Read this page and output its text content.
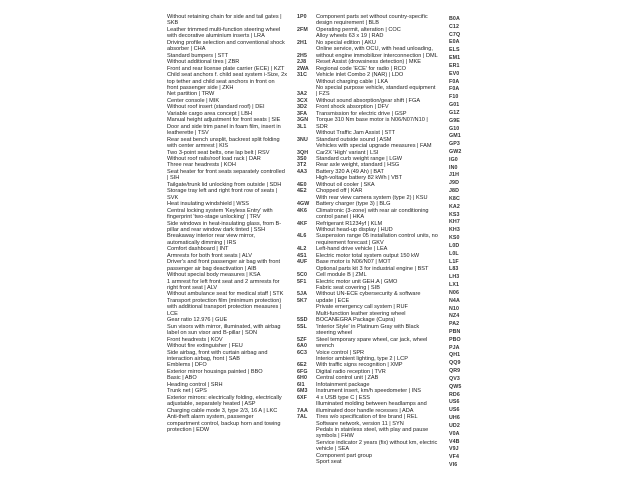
Without retaining chain for side and tail gates | SKB
Leather trimmed multi-function steering wheel with decorative aluminium inserts | LRA
Driving profile selection and conventional shock absorber | CHA
Standard bumpers | STT
Without additional tires | ZBR
Front and rear license plate carrier (ECE) | KZT
Child seat anchors f. child seat system i-Size, 2x top tether and child seat anchors in front on front passenger side | ZKH
Net partition | TRW
Center console | MIK
Without roof insert (standard roof) | DEI
Variable cargo area concept | LBH
Manual height adjustment for front seats | SIE
Door and side trim panel in foam film, insert in leatherette | TSV
Rear seat bench unsplit, backrest split folding with center armrest | KIS
Two 3-point seat belts, one lap belt | RSV
Without roof rails/roof load rack | DAR
Three rear headrests | KOH
Seat heater for front seats separately controlled | SIH
Tailgate/trunk lid unlocking from outside | SDH
Storage tray left and right front row of seats | SVK
Heat insulating windshield | WSS
Central locking system 'Keyless Entry' with fingerprint 'two-stage unlocking' | TRV
Side windows in heat-insulating glass, from B-pillar and rear window dark tinted | SSH
Breakaway interior rear view mirror, automatically dimming | IRS
Comfort dashboard | INT
Armrests for both front seats | ALV
Driver's and front passenger air bag with front passenger air bag deactivation | AIB
Without special body measures | KSA
1 armrest for left front seat and 2 armrests for right front seat | ALV
Without ambulance seat for medical staff | STK
Transport protection film (minimum protection) with additional transport protection measures | LCE
Gear ratio 12.976 | GUE
Sun visors with mirror, illuminated, with airbag label on sun visor and B-pillar | SON
Front headrests | KOV
Without fire extinguisher | FEU
Side airbag, front with curtain airbag and interaction airbag, front | SAB
Emblems | DFO
Exterior mirror housings painted | BBO
Basic | ABO
Heading control | SRH
Trunk net | GPS
Exterior mirrors: electrically folding, electrically adjustable, separately heated | ASP
Charging cable mode 3, type 2/3, 16 A | LKC
Anti-theft alarm system, passenger compartment control, backup horn and towing protection | EDW
1P0
2FM
2H1
2H5
2J8
2WA
31C
3A2
3CX
3D2
3FA
3GN
3L1
3NU
3QH
3S0
3T2
4A3
4E0
4E2
4GW
4K6
4KF
4L6
4L2
4S1
4UF
5C0
5F1
5JA
5K7
5SD
5SL
5ZF
6A0
6C3
6E2
6FG
6H0
6I1
6M3
6XF
7AA
7AL
Component parts set without country-specific design requirement | BLB
Operating permit, alteration | COC
Alloy wheels 63 x 19 | RAD
No special edition | AKU
Online service, with OCU, with head unloading, without engine immobilizer interconnection | DML
Reset Assist (drowsiness detection) | MKE
Regional code 'ECE' for radio | RCO
Vehicle inlet Combo 2 (NAR) | LDO
Without charging cable | LKA
No special purpose vehicle, standard equipment | FZS
Without sound absorption/gear shift | FGA
Front shock absorption | DFV
Transmission for electric drive | GSP
Torque 310 Nm base motor is N06/N07/N10 | SDR
Without Traffic Jam Assist | STT
Standard outside sound | ASM
Vehicles with special upgrade measures | FAM
Car2X 'High' variant | LSI
Standard curb weight range | LGW
Rear axle weight, standard | HSG
Battery 320 A (49 Ah) | BAT
High-voltage battery 82 kWh | VBT
Without oil cooler | SKA
Chopped off | KAR
With rear view camera system (type 2) | KSU
Battery charger (type 3) | BLG
Climatronic (3-zone) with rear air conditioning control panel | HKA
Refrigerant R1234yf | KLM
Without head-up display | HUD
Suspension range 05 installation control units, no requirement forecast | GKV
Left-hand drive vehicle | LEA
Electric motor total system output 150 kW
Base motor is N06/N07 | MOT
Optional parts kit 3 for industrial engine | BST
Cell module B | ZML
Electric motor unit GEH.A | GMO
Fabric seat covering | SIB
Without UN-ECE cybersecurity & software update | ECE
Private emergency call system | RUF
Multi-function leather steering wheel BOCANEGRA Package (Cupra)
'Interior Style' in Platinum Gray with Black steering wheel
Steel temporary spare wheel, car jack, wheel wrench
Voice control | SPR
Interior ambient lighting, type 2 | LCP
With traffic signs recognition | XMP
Digital radio reception | TVR
Central control unit | ZAB
Infotainment package
Instrument insert, km/h speedometer | INS
4 x USB type C | ESS
Illuminated molding between headlamps and illuminated door handle recesses | ADA
Tires w/o specification of tire brand | REL
Software network, version 11 | SYN
Pedals in stainless steel, with play and pause symbols | FHW
Service indicator 2 years (fix) without km, electric vehicle | SEA
Component part group
Sport seat
B0A
C12
C7Q
E0A
ELS
EM1
ER1
EV0
F0A
F0A
F10
G01
G1Z
G9E
G10
GM1
GP3
GW2
IG0
IN0
J1H
J9D
J8D
K8C
KA2
KS3
KH7
KH3
KS0
L0D
L0L
L1F
L83
LH3
LX1
N06
N4A
N10
NZ4
PA2
PBN
PBO
PJA
QH1
QQ9
QR9
QV3
QW5
RD6
US6
US6
UH6
UD2
V0A
V4B
V9J
VF4
VI6
